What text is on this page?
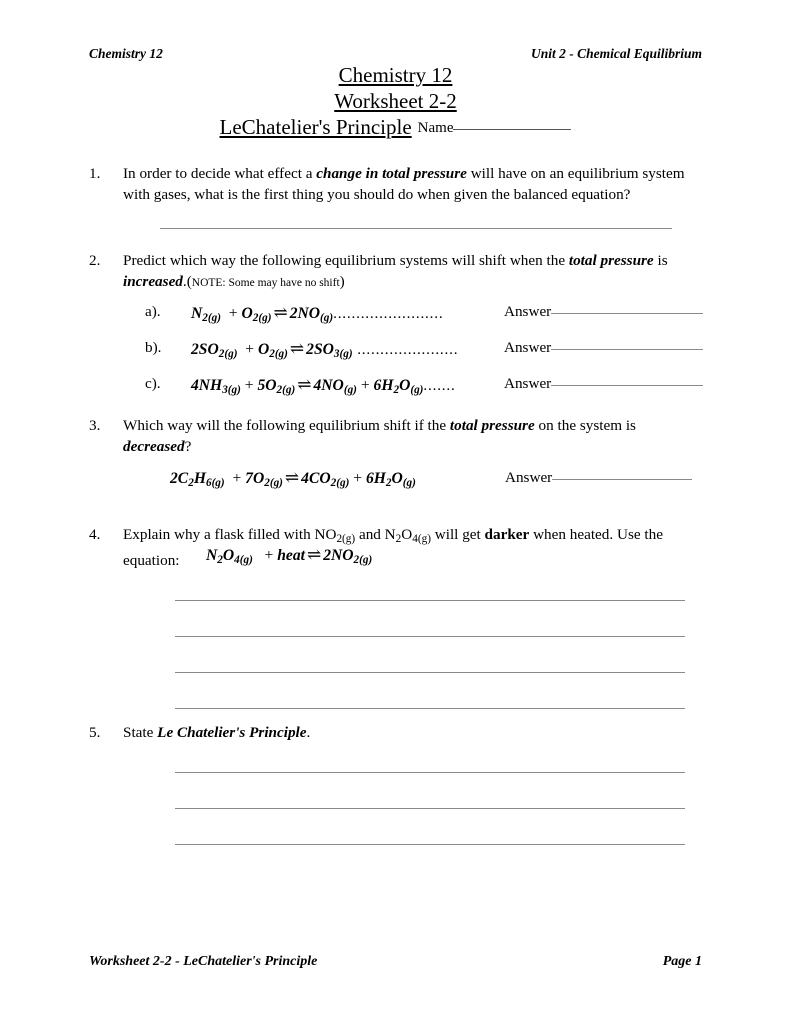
Chemistry 12	Unit 2 - Chemical Equilibrium
Chemistry 12
Worksheet 2-2
LeChatelier's Principle Name
1.	In order to decide what effect a change in total pressure will have on an equilibrium system with gases, what is the first thing you should do when given the balanced equation?
2.	Predict which way the following equilibrium systems will shift when the total pressure is increased.(NOTE: Some may have no shift)
a). $N_{2(g)} + O_{2(g)}$ ⇌ $2NO_{(g)}$........................	Answer
b). $2SO_{2(g)} + O_{2(g)}$ ⇌ $2SO_{3(g)}$ ......................	Answer
c). $4NH_{3(g)} + 5O_{2(g)}$ ⇌ $4NO_{(g)} + 6H_2O_{(g)}$.......	Answer
3.	Which way will the following equilibrium shift if the total pressure on the system is decreased?
$2C_2H_{6(g)} + 7O_{2(g)}$ ⇌ $4CO_{2(g)} + 6H_2O_{(g)}$	Answer
4.	Explain why a flask filled with $NO_{2(g)}$ and $N_2O_{4(g)}$ will get darker when heated. Use the equation:	$N_2O_{4(g)}$   + heat ⇌ $2NO_{2(g)}$
5.	State Le Chatelier's Principle.
Worksheet 2-2 - LeChatelier's Principle	Page 1
